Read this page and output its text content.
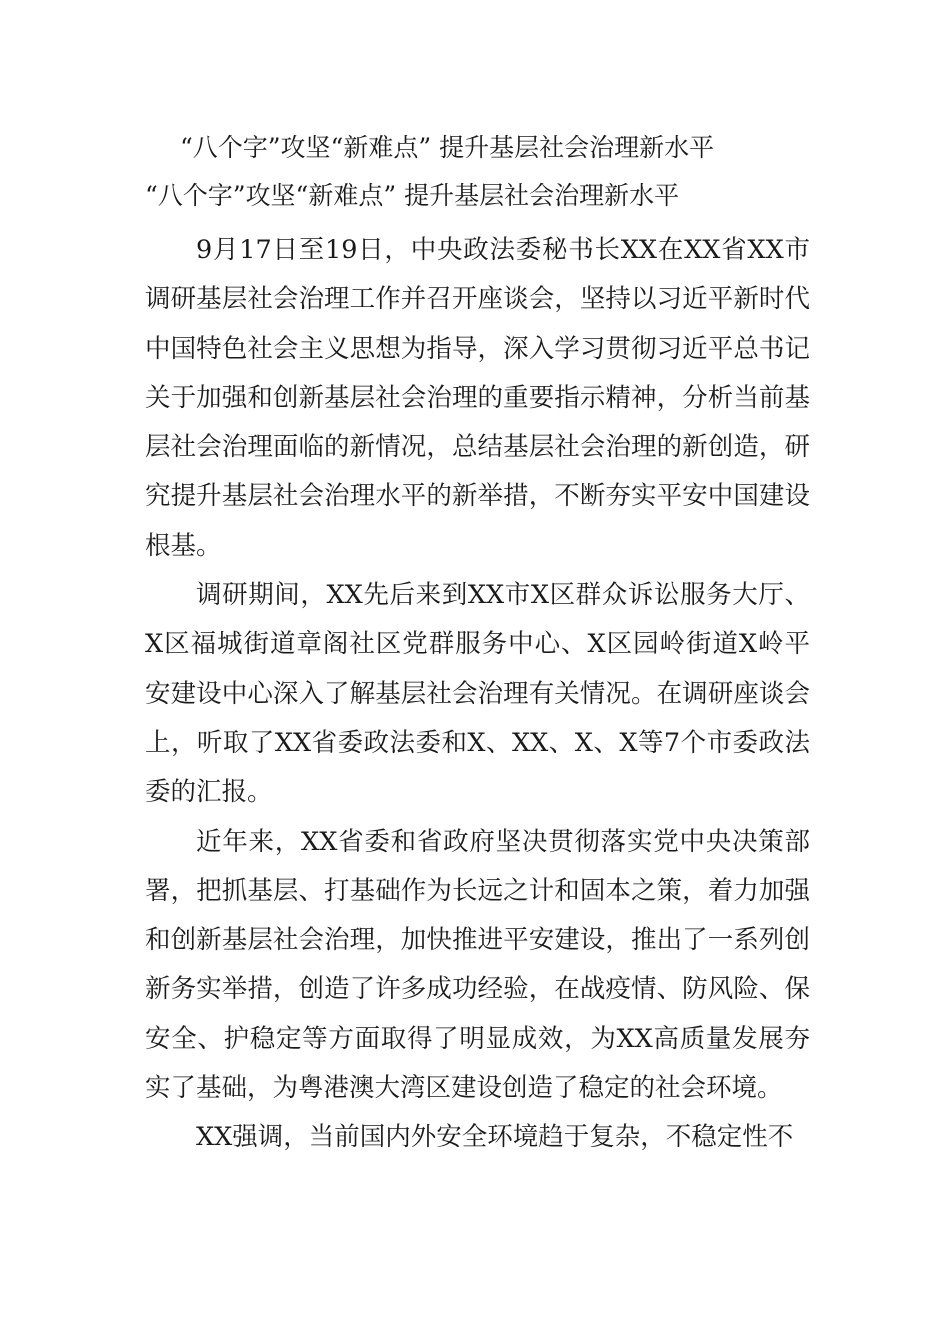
“八个字”攻坚“新难点” 提升基层社会治理新水平
“八个字”攻坚“新难点” 提升基层社会治理新水平

9月17日至19日，中央政法委秘书长XX在XX省XX市调研基层社会治理工作并召开座谈会，坚持以习近平新时代中国特色社会主义思想为指导，深入学习贯彻习近平总书记关于加强和创新基层社会治理的重要指示精神，分析当前基层社会治理面临的新情况，总结基层社会治理的新创造，研究提升基层社会治理水平的新举措，不断夯实平安中国建设根基。

调研期间，XX先后来到XX市X区群众诉讼服务大厅、X区福城街道章阁社区党群服务中心、X区园岭街道X岭平安建设中心深入了解基层社会治理有关情况。在调研座谈会上，听取了XX省委政法委和X、XX、X、X等7个市委政法委的汇报。

近年来，XX省委和省政府坚决贯彻落实党中央决策部署，把抓基层、打基础作为长远之计和固本之策，着力加强和创新基层社会治理，加快推进平安建设，推出了一系列创新务实举措，创造了许多成功经验，在战疫情、防风险、保安全、护稳定等方面取得了明显成效，为XX高质量发展夯实了基础，为粤港澳大湾区建设创造了稳定的社会环境。

XX强调，当前国内外安全环境趋于复杂，不稳定性不
